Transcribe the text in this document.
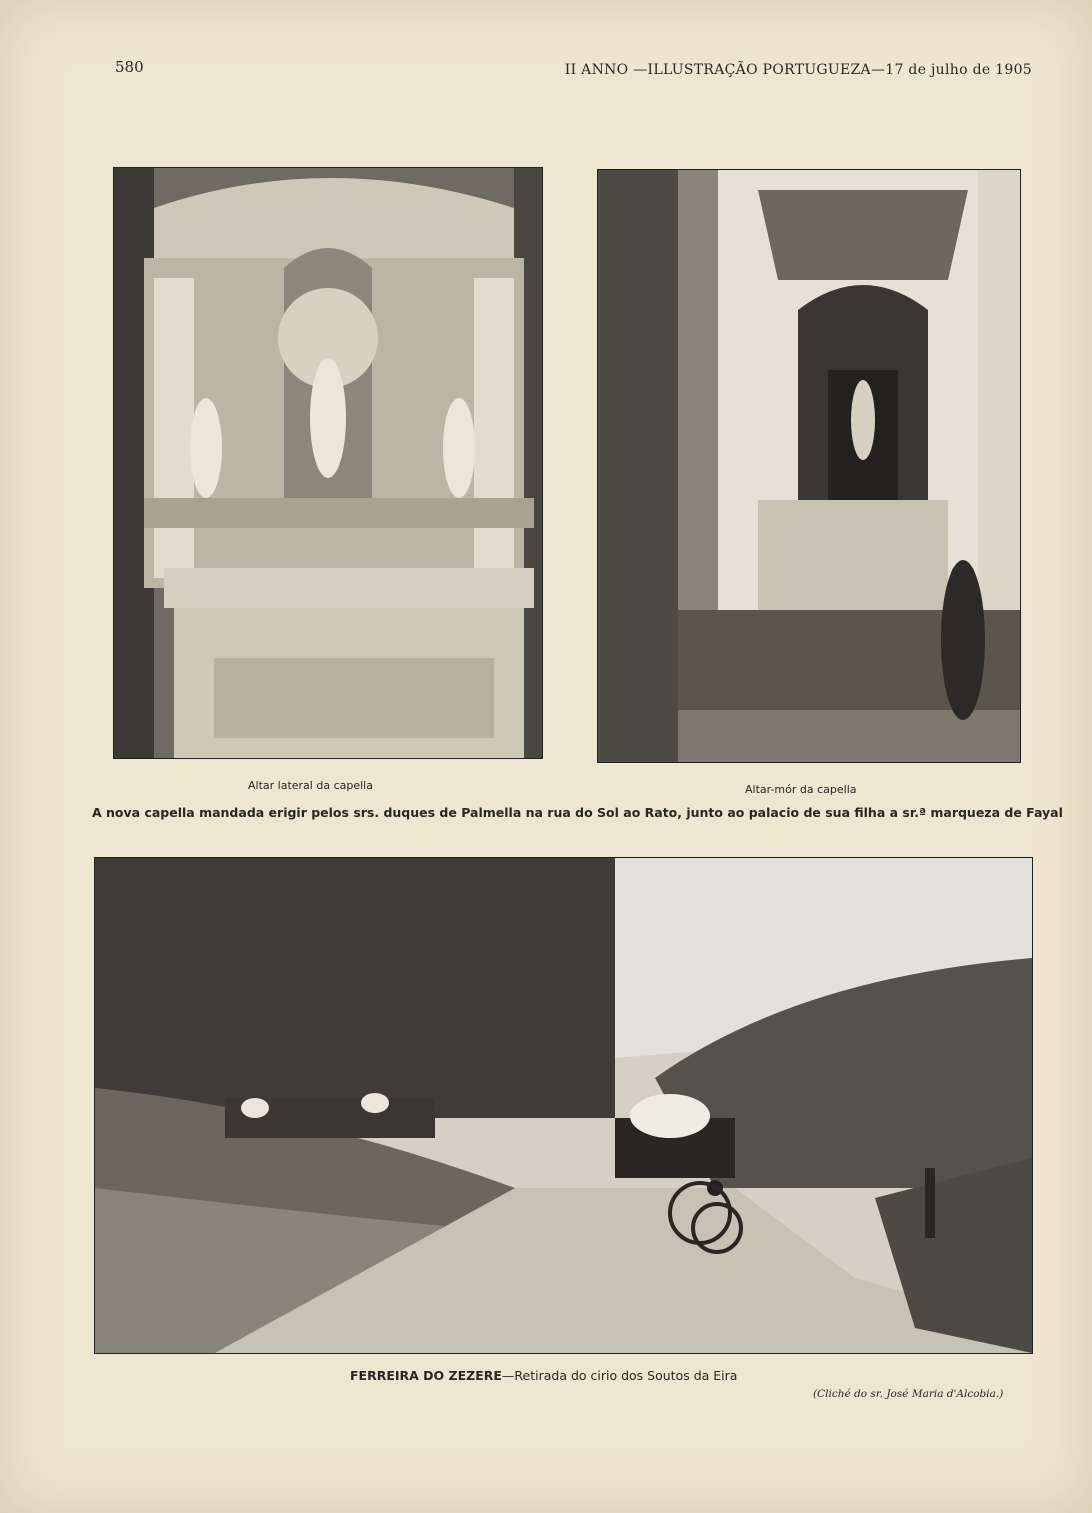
580	II ANNO —ILLUSTRAÇÃO PORTUGUEZA—17 de julho de 1905
Altar lateral da capella	Altar-mór da capella
A nova capella mandada erigir pelos srs. duques de Palmella na rua do Sol ao Rato, junto ao palacio de sua filha a sr.ª marqueza de Fayal
FERREIRA DO ZEZERE—Retirada do cirio dos Soutos da Eira
(Cliché do sr. José Maria d'Alcobia.)
